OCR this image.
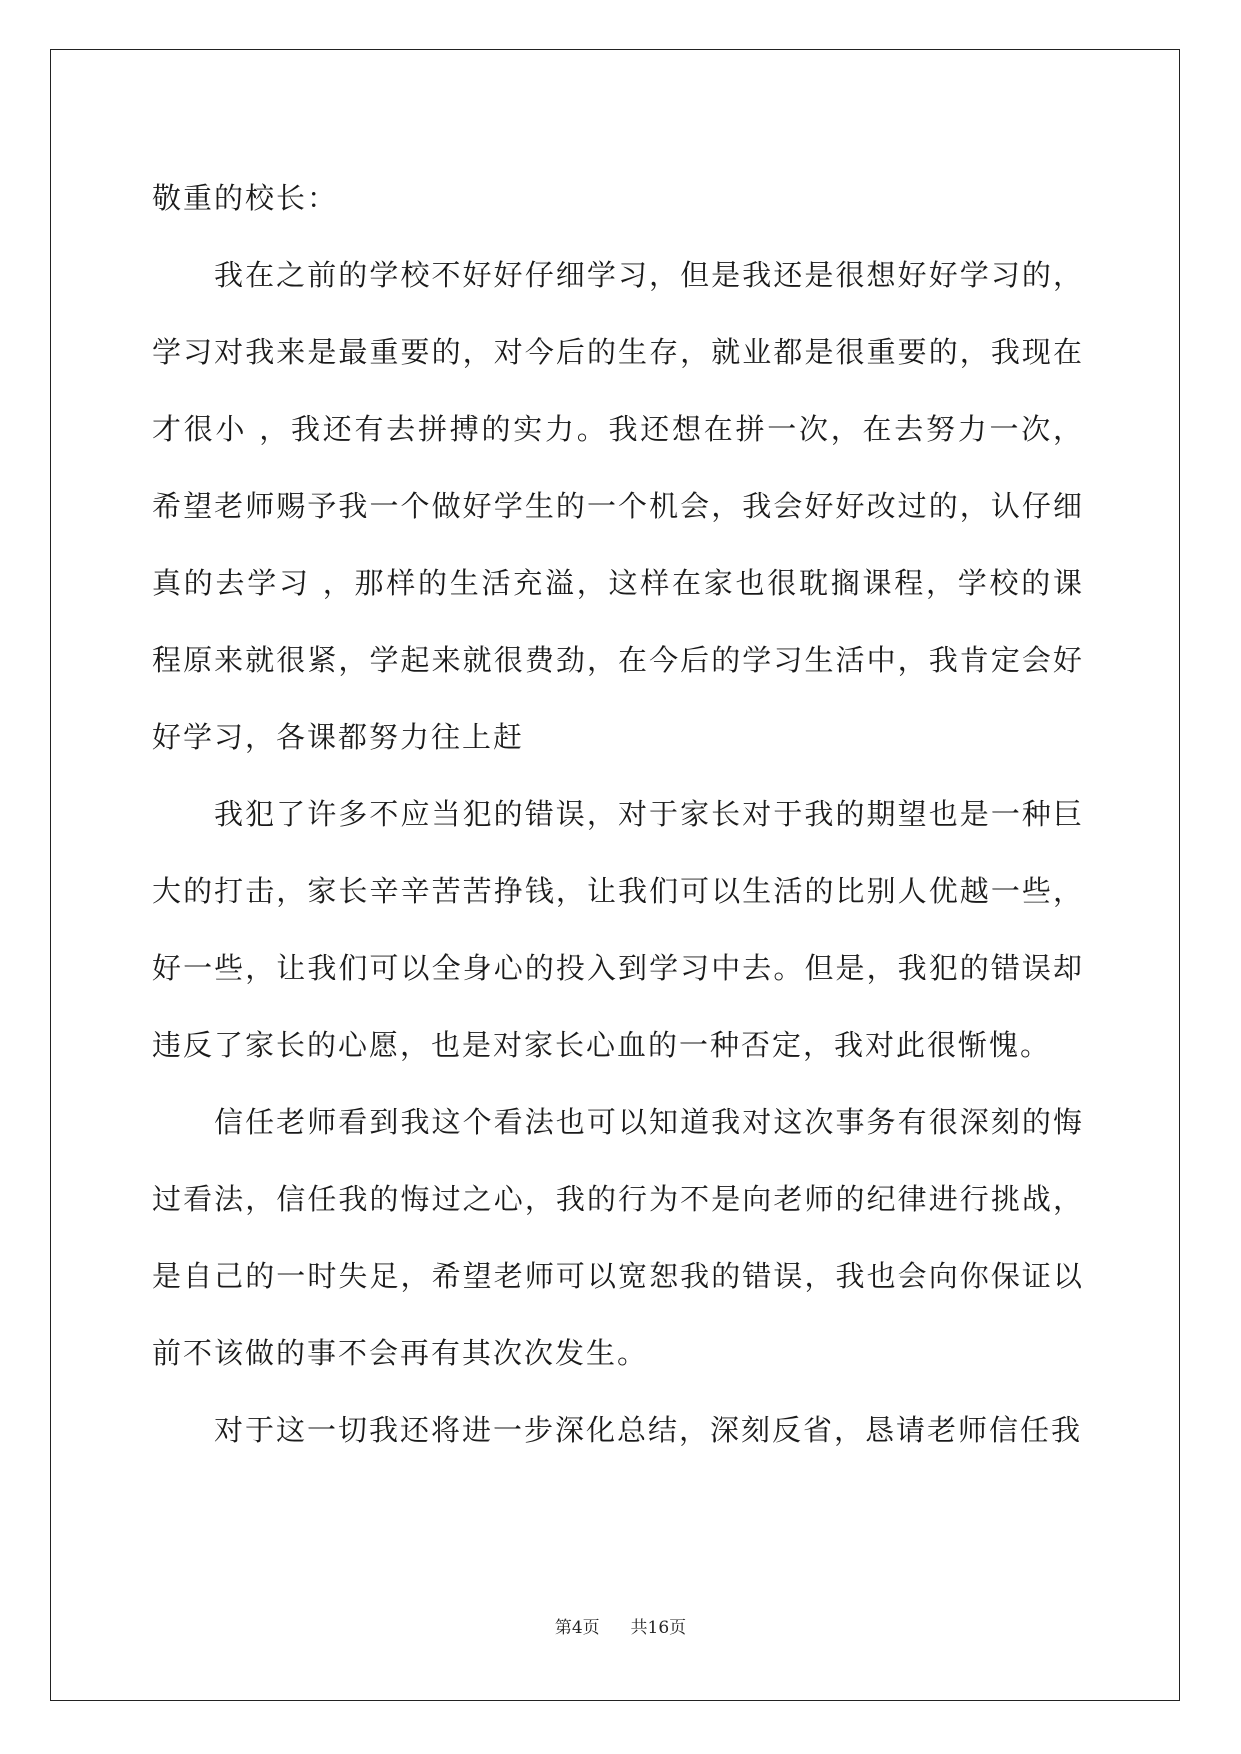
敬重的校长：

我在之前的学校不好好仔细学习，但是我还是很想好好学习的，学习对我来是最重要的，对今后的生存，就业都是很重要的，我现在才很小 ，我还有去拼搏的实力。我还想在拼一次，在去努力一次，希望老师赐予我一个做好学生的一个机会，我会好好改过的，认仔细真的去学习 ，那样的生活充溢，这样在家也很耽搁课程，学校的课程原来就很紧，学起来就很费劲，在今后的学习生活中，我肯定会好好学习，各课都努力往上赶

我犯了许多不应当犯的错误，对于家长对于我的期望也是一种巨大的打击，家长辛辛苦苦挣钱，让我们可以生活的比别人优越一些，好一些，让我们可以全身心的投入到学习中去。但是，我犯的错误却违反了家长的心愿，也是对家长心血的一种否定，我对此很惭愧。

信任老师看到我这个看法也可以知道我对这次事务有很深刻的悔过看法，信任我的悔过之心，我的行为不是向老师的纪律进行挑战，是自己的一时失足，希望老师可以宽恕我的错误，我也会向你保证以前不该做的事不会再有其次次发生。

对于这一切我还将进一步深化总结，深刻反省，恳请老师信任我

第4页 共16页
